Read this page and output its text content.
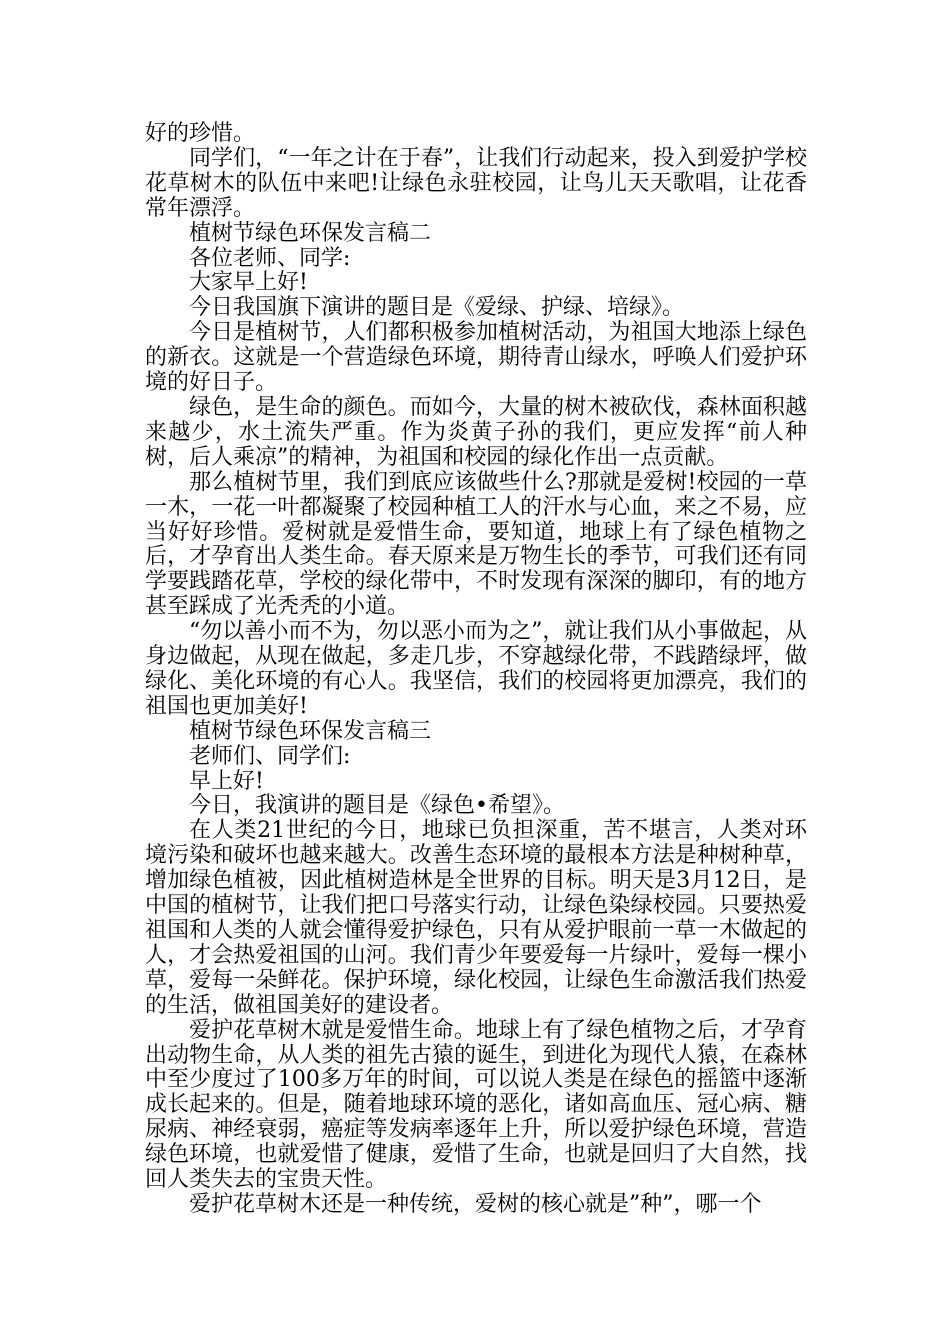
好的珍惜。

同学们，“一年之计在于春”，让我们行动起来，投入到爱护学校花草树木的队伍中来吧!让绿色永驻校园，让鸟儿天天歌唱，让花香常年漂浮。

植树节绿色环保发言稿二

各位老师、同学:

大家早上好!

今日我国旗下演讲的题目是《爱绿、护绿、培绿》。

今日是植树节，人们都积极参加植树活动，为祖国大地添上绿色的新衣。这就是一个营造绿色环境，期待青山绿水，呼唤人们爱护环境的好日子。

绿色，是生命的颜色。而如今，大量的树木被砍伐，森林面积越来越少，水土流失严重。作为炎黄子孙的我们，更应发挥“前人种树，后人乘凉”的精神，为祖国和校园的绿化作出一点贡献。

那么植树节里，我们到底应该做些什么?那就是爱树!校园的一草一木，一花一叶都凝聚了校园种植工人的汗水与心血，来之不易，应当好好珍惜。爱树就是爱惜生命，要知道，地球上有了绿色植物之后，才孕育出人类生命。春天原来是万物生长的季节，可我们还有同学要践踏花草，学校的绿化带中，不时发现有深深的脚印，有的地方甚至踩成了光秃秃的小道。

“勿以善小而不为，勿以恶小而为之”，就让我们从小事做起，从身边做起，从现在做起，多走几步，不穿越绿化带，不践踏绿坪，做绿化、美化环境的有心人。我坚信，我们的校园将更加漂亮，我们的祖国也更加美好!

植树节绿色环保发言稿三

老师们、同学们:

早上好!

今日，我演讲的题目是《绿色•希望》。

在人类21世纪的今日，地球已负担深重，苦不堪言，人类对环境污染和破坏也越来越大。改善生态环境的最根本方法是种树种草，增加绿色植被，因此植树造林是全世界的目标。明天是3月12日，是中国的植树节，让我们把口号落实行动，让绿色染绿校园。只要热爱祖国和人类的人就会懂得爱护绿色，只有从爱护眼前一草一木做起的人，才会热爱祖国的山河。我们青少年要爱每一片绿叶，爱每一棵小草，爱每一朵鲜花。保护环境，绿化校园，让绿色生命激活我们热爱的生活，做祖国美好的建设者。

爱护花草树木就是爱惜生命。地球上有了绿色植物之后，才孕育出动物生命，从人类的祖先古猿的诞生，到进化为现代人猿，在森林中至少度过了100多万年的时间，可以说人类是在绿色的摇篮中逐渐成长起来的。但是，随着地球环境的恶化，诸如高血压、冠心病、糖尿病、神经衰弱，癌症等发病率逐年上升，所以爱护绿色环境，营造绿色环境，也就爱惜了健康，爱惜了生命，也就是回归了大自然，找回人类失去的宝贵天性。

爱护花草树木还是一种传统，爱树的核心就是”种”，哪一个
